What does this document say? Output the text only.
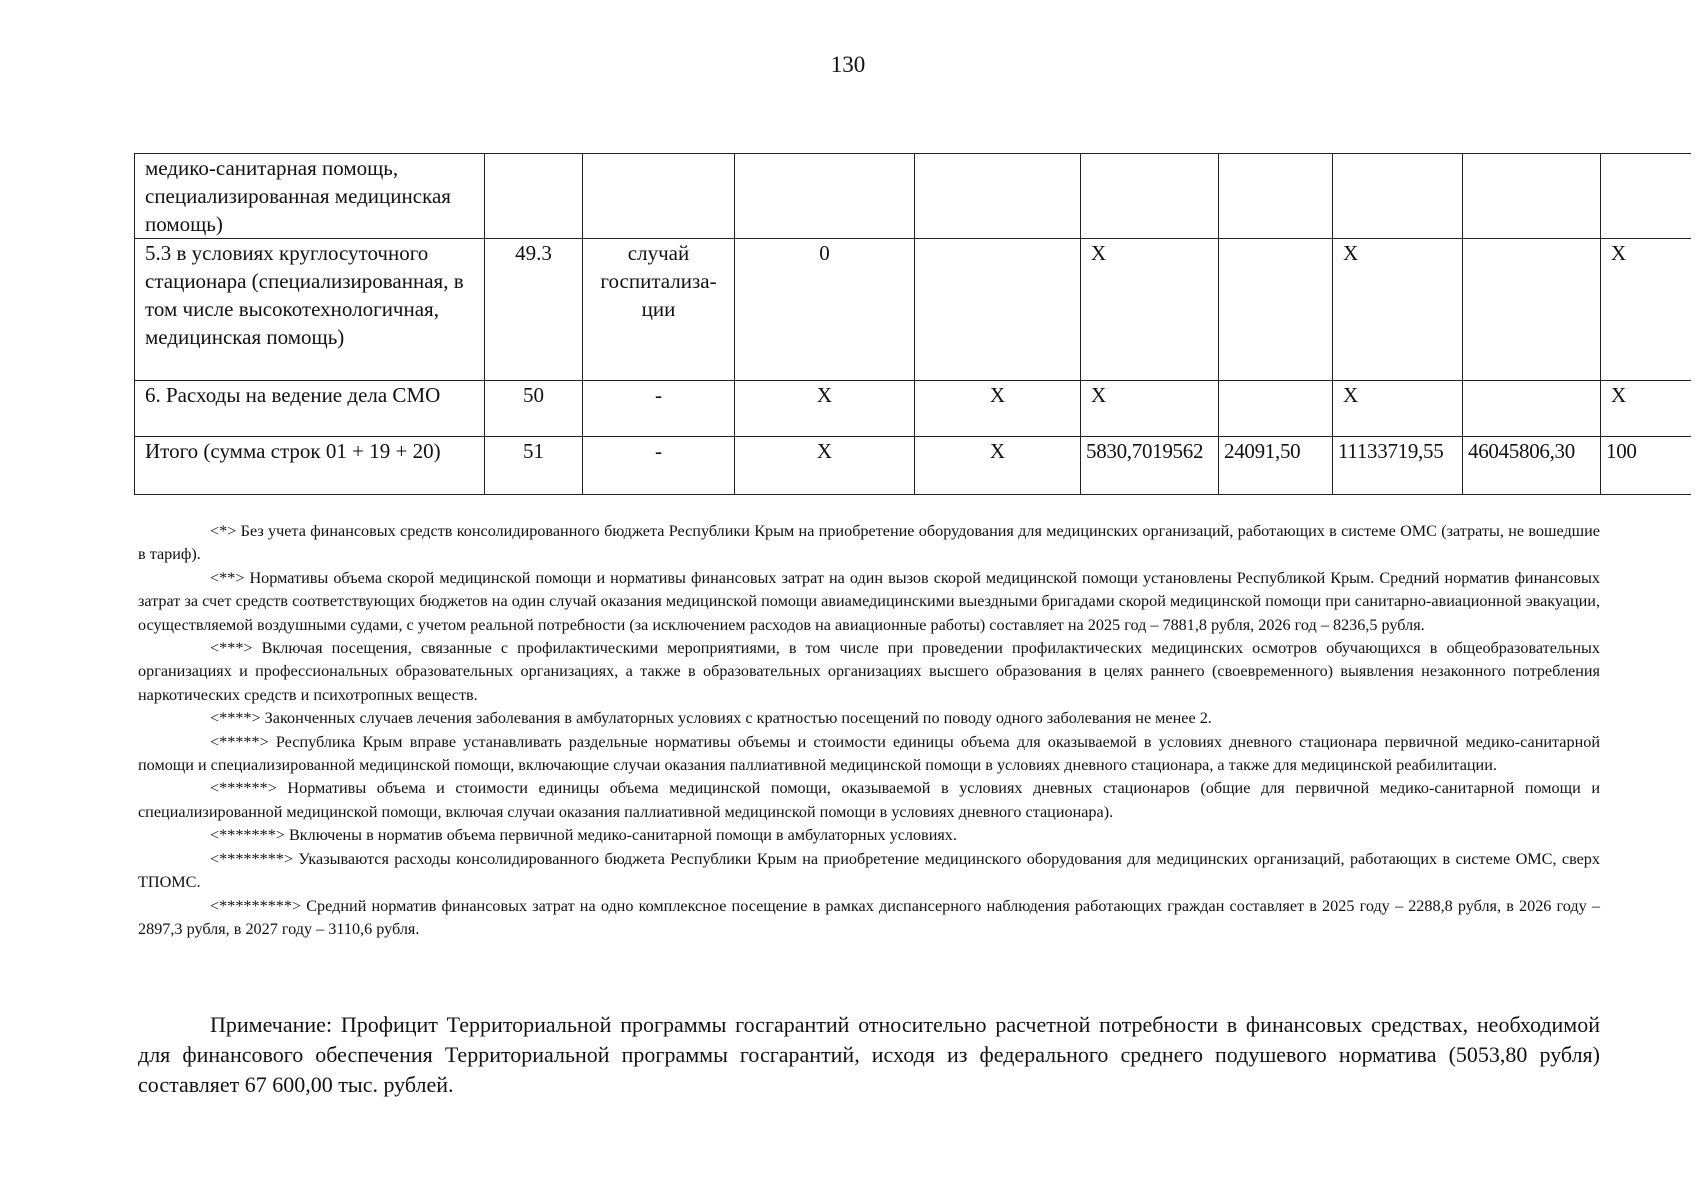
130
медико-санитарная помощь, специализированная медицинская помощь)									
5.3 в условиях круглосуточного стационара (специализированная, в том числе высокотехнологичная, медицинская помощь)	49.3	случай госпитализа-ции	0		X		X		X
6. Расходы на ведение дела СМО	50	-	X	X	X		X		X
Итого (сумма строк 01 + 19 + 20)	51	-	X	X	5830,7019562	24091,50	11133719,55	46045806,30	100

<*> Без учета финансовых средств консолидированного бюджета Республики Крым на приобретение оборудования для медицинских организаций, работающих в системе ОМС (затраты, не вошедшие в тариф).

<**> Нормативы объема скорой медицинской помощи и нормативы финансовых затрат на один вызов скорой медицинской помощи установлены Республикой Крым. Средний норматив финансовых затрат за счет средств соответствующих бюджетов на один случай оказания медицинской помощи авиамедицинскими выездными бригадами скорой медицинской помощи при санитарно-авиационной эвакуации, осуществляемой воздушными судами, с учетом реальной потребности (за исключением расходов на авиационные работы) составляет на 2025 год – 7881,8 рубля, 2026 год – 8236,5 рубля.

<***> Включая посещения, связанные с профилактическими мероприятиями, в том числе при проведении профилактических медицинских осмотров обучающихся в общеобразовательных организациях и профессиональных образовательных организациях, а также в образовательных организациях высшего образования в целях раннего (своевременного) выявления незаконного потребления наркотических средств и психотропных веществ.

<****> Законченных случаев лечения заболевания в амбулаторных условиях с кратностью посещений по поводу одного заболевания не менее 2.

<*****> Республика Крым вправе устанавливать раздельные нормативы объемы и стоимости единицы объема для оказываемой в условиях дневного стационара первичной медико-санитарной помощи и специализированной медицинской помощи, включающие случаи оказания паллиативной медицинской помощи в условиях дневного стационара, а также для медицинской реабилитации.

<******> Нормативы объема и стоимости единицы объема медицинской помощи, оказываемой в условиях дневных стационаров (общие для первичной медико-санитарной помощи и специализированной медицинской помощи, включая случаи оказания паллиативной медицинской помощи в условиях дневного стационара).

<*******> Включены в норматив объема первичной медико-санитарной помощи в амбулаторных условиях.

<********> Указываются расходы консолидированного бюджета Республики Крым на приобретение медицинского оборудования для медицинских организаций, работающих в системе ОМС, сверх ТПОМС.

<*********> Средний норматив финансовых затрат на одно комплексное посещение в рамках диспансерного наблюдения работающих граждан составляет в 2025 году – 2288,8 рубля, в 2026 году – 2897,3 рубля, в 2027 году – 3110,6 рубля.

Примечание: Профицит Территориальной программы госгарантий относительно расчетной потребности в финансовых средствах, необходимой для финансового обеспечения Территориальной программы госгарантий, исходя из федерального среднего подушевого норматива (5053,80 рубля) составляет 67 600,00 тыс. рублей.
